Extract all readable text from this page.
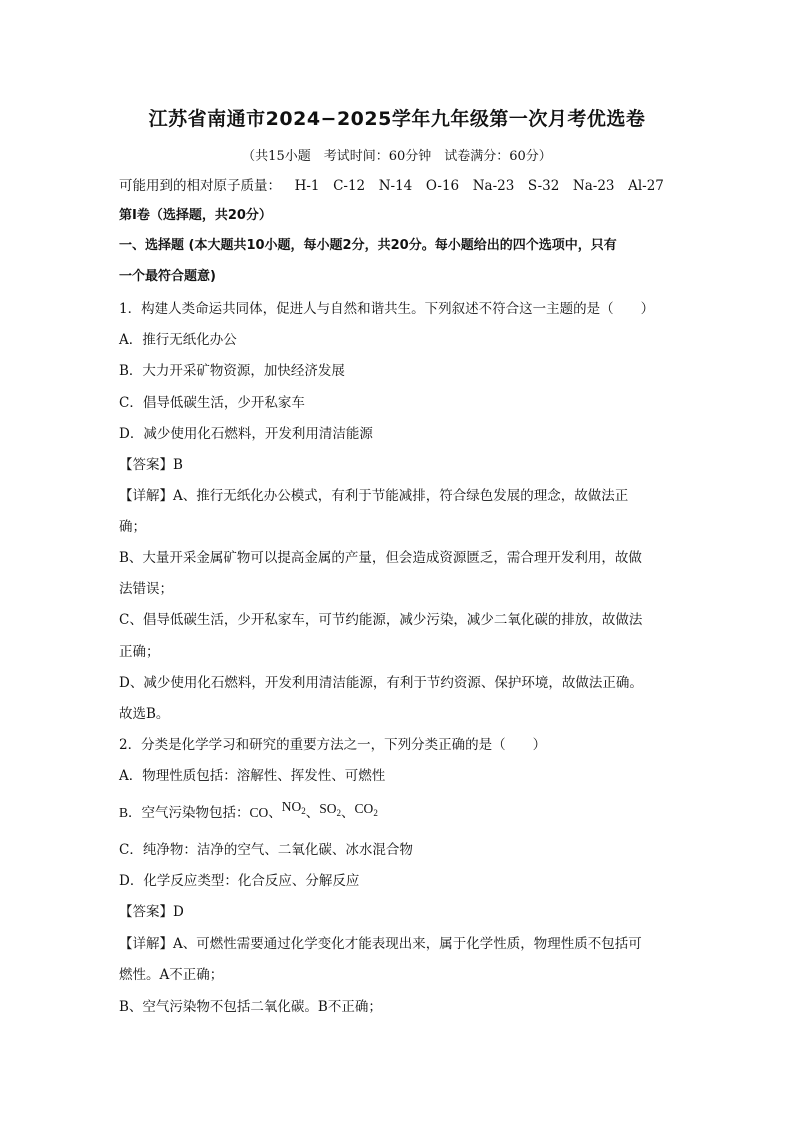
江苏省南通市2024−2025学年九年级第一次月考优选卷
（共15小题　考试时间：60分钟　试卷满分：60分）
可能用到的相对原子质量： H-1 C-12 N-14 O-16 Na-23 S-32 Na-23 Al-27
第Ⅰ卷（选择题，共20分）
一、选择题 (本大题共10小题，每小题2分，共20分。每小题给出的四个选项中，只有
一个最符合题意)
1．构建人类命运共同体，促进人与自然和谐共生。下列叙述不符合这一主题的是（　　）
A．推行无纸化办公
B．大力开采矿物资源，加快经济发展
C．倡导低碳生活，少开私家车
D．减少使用化石燃料，开发利用清洁能源
【答案】B
【详解】A、推行无纸化办公模式，有利于节能减排，符合绿色发展的理念，故做法正
确；
B、大量开采金属矿物可以提高金属的产量，但会造成资源匮乏，需合理开发利用，故做
法错误；
C、倡导低碳生活，少开私家车，可节约能源，减少污染，减少二氧化碳的排放，故做法
正确；
D、减少使用化石燃料，开发利用清洁能源，有利于节约资源、保护环境，故做法正确。
故选B。
2．分类是化学学习和研究的重要方法之一，下列分类正确的是（　　）
A．物理性质包括：溶解性、挥发性、可燃性
B．空气污染物包括：CO、$NO_2$、$SO_2$、$CO_2$
C．纯净物：洁净的空气、二氧化碳、冰水混合物
D．化学反应类型：化合反应、分解反应
【答案】D
【详解】A、可燃性需要通过化学变化才能表现出来，属于化学性质，物理性质不包括可
燃性。A不正确；
B、空气污染物不包括二氧化碳。B不正确；
